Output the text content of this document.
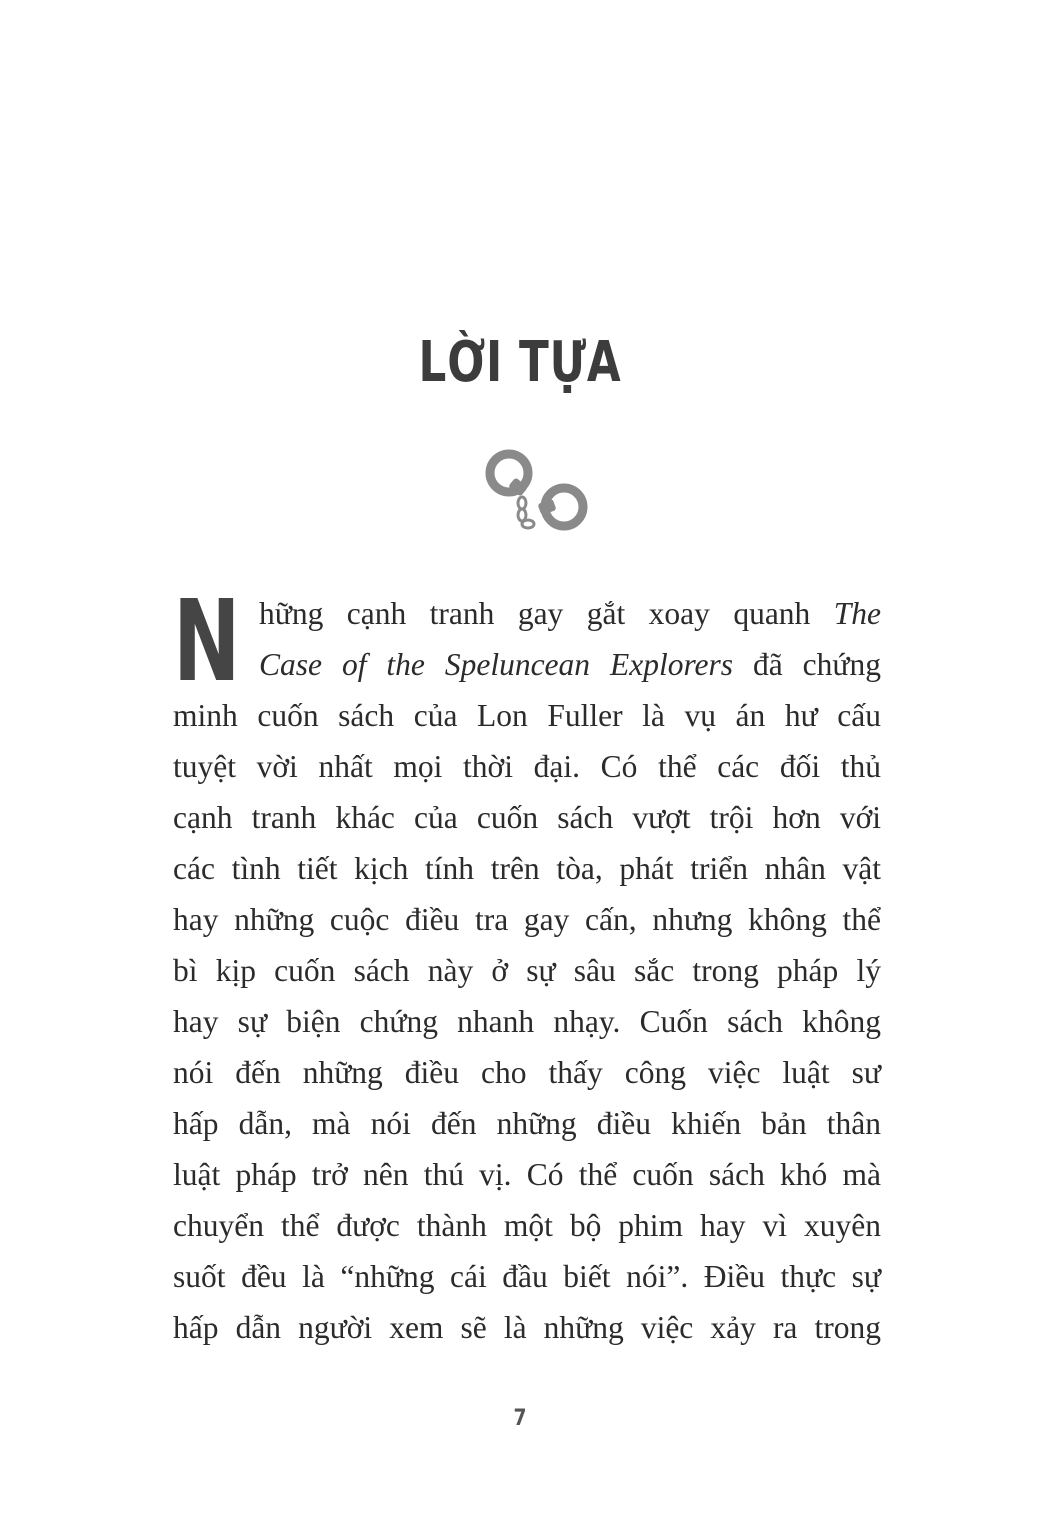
LỜI TỰA
N hững cạnh tranh gay gắt xoay quanh The
Case of the Speluncean Explorers đã chứng
minh cuốn sách của Lon Fuller là vụ án hư cấu
tuyệt vời nhất mọi thời đại. Có thể các đối thủ
cạnh tranh khác của cuốn sách vượt trội hơn với
các tình tiết kịch tính trên tòa, phát triển nhân vật
hay những cuộc điều tra gay cấn, nhưng không thể
bì kịp cuốn sách này ở sự sâu sắc trong pháp lý
hay sự biện chứng nhanh nhạy. Cuốn sách không
nói đến những điều cho thấy công việc luật sư
hấp dẫn, mà nói đến những điều khiến bản thân
luật pháp trở nên thú vị. Có thể cuốn sách khó mà
chuyển thể được thành một bộ phim hay vì xuyên
suốt đều là “những cái đầu biết nói”. Điều thực sự
hấp dẫn người xem sẽ là những việc xảy ra trong
7
